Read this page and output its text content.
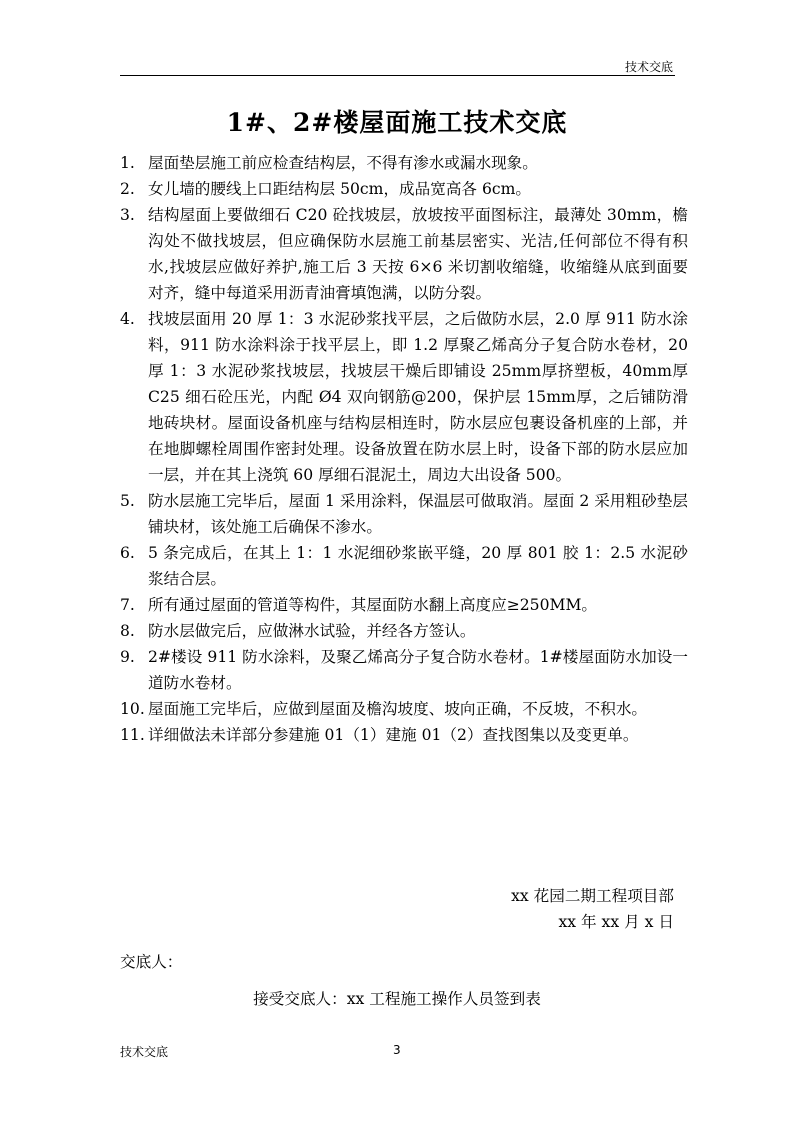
技术交底
1#、2#楼屋面施工技术交底
1. 屋面垫层施工前应检查结构层，不得有渗水或漏水现象。
2. 女儿墙的腰线上口距结构层 50cm，成品宽高各 6cm。
3. 结构屋面上要做细石 C20 砼找坡层，放坡按平面图标注，最薄处 30mm，檐沟处不做找坡层，但应确保防水层施工前基层密实、光洁,任何部位不得有积水,找坡层应做好养护,施工后 3 天按 6×6 米切割收缩缝，收缩缝从底到面要对齐，缝中每道采用沥青油膏填饱满，以防分裂。
4. 找坡层面用 20 厚 1：3 水泥砂浆找平层，之后做防水层，2.0 厚 911 防水涂料，911 防水涂料涂于找平层上，即 1.2 厚聚乙烯高分子复合防水卷材，20 厚 1：3 水泥砂浆找坡层，找坡层干燥后即铺设 25mm厚挤塑板，40mm厚 C25 细石砼压光，内配 Ø4 双向钢筋@200，保护层 15mm厚，之后铺防滑地砖块材。屋面设备机座与结构层相连时，防水层应包裹设备机座的上部，并在地脚螺栓周围作密封处理。设备放置在防水层上时，设备下部的防水层应加一层，并在其上浇筑 60 厚细石混泥土，周边大出设备 500。
5. 防水层施工完毕后，屋面 1 采用涂料，保温层可做取消。屋面 2 采用粗砂垫层铺块材，该处施工后确保不渗水。
6. 5 条完成后，在其上 1：1 水泥细砂浆嵌平缝，20 厚 801 胶 1：2.5 水泥砂浆结合层。
7. 所有通过屋面的管道等构件，其屋面防水翻上高度应≥250MM。
8. 防水层做完后，应做淋水试验，并经各方签认。
9. 2#楼设 911 防水涂料，及聚乙烯高分子复合防水卷材。1#楼屋面防水加设一道防水卷材。
10. 屋面施工完毕后，应做到屋面及檐沟坡度、坡向正确，不反坡，不积水。
11. 详细做法未详部分参建施 01（1）建施 01（2）查找图集以及变更单。
xx 花园二期工程项目部
xx 年 xx 月 x 日
交底人：
接受交底人：xx 工程施工操作人员签到表
技术交底	3
